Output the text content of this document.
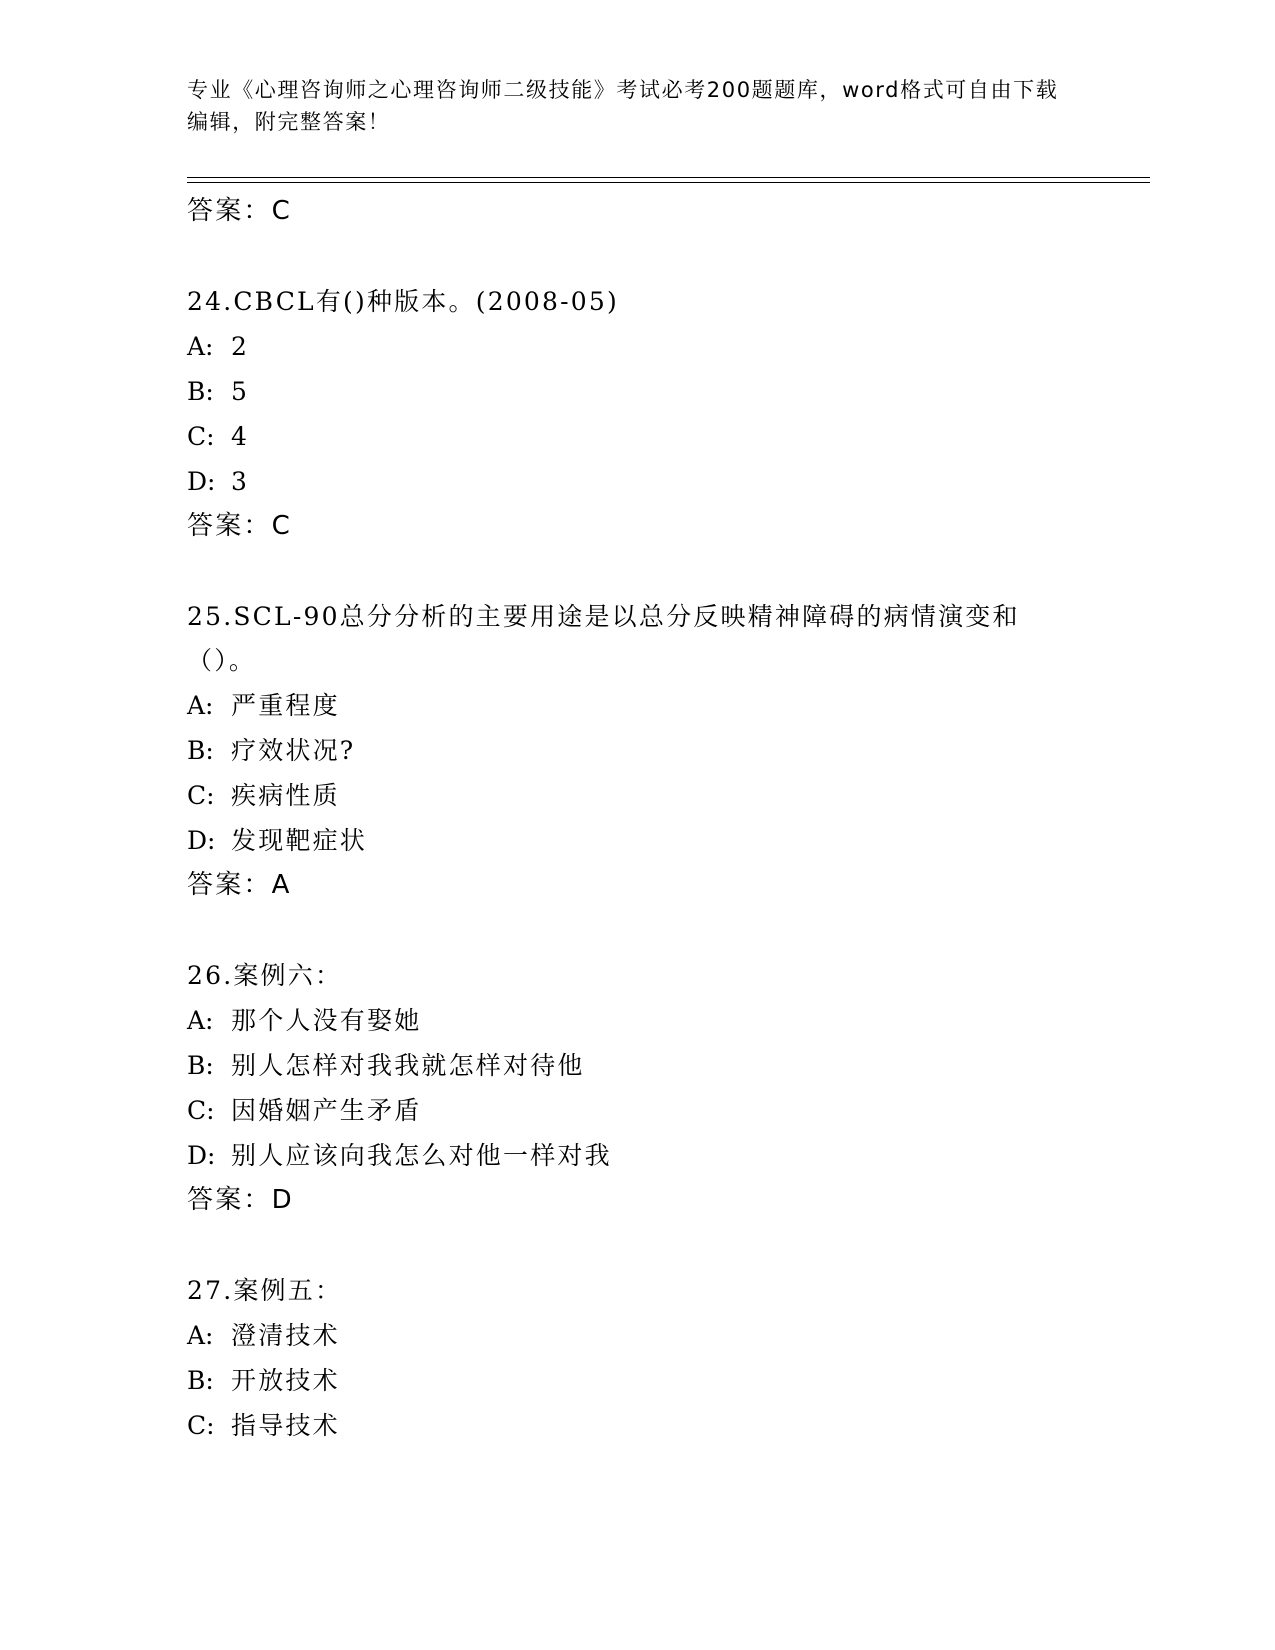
专业《心理咨询师之心理咨询师二级技能》考试必考200题题库，word格式可自由下载编辑，附完整答案！
答案：C
24.CBCL有()种版本。(2008-05)
A: 2
B: 5
C: 4
D: 3
答案：C
25.SCL-90总分分析的主要用途是以总分反映精神障碍的病情演变和（）。
A: 严重程度
B: 疗效状况?
C: 疾病性质
D: 发现靶症状
答案：A
26.案例六：
A: 那个人没有娶她
B: 别人怎样对我我就怎样对待他
C: 因婚姻产生矛盾
D: 别人应该向我怎么对他一样对我
答案：D
27.案例五：
A: 澄清技术
B: 开放技术
C: 指导技术
